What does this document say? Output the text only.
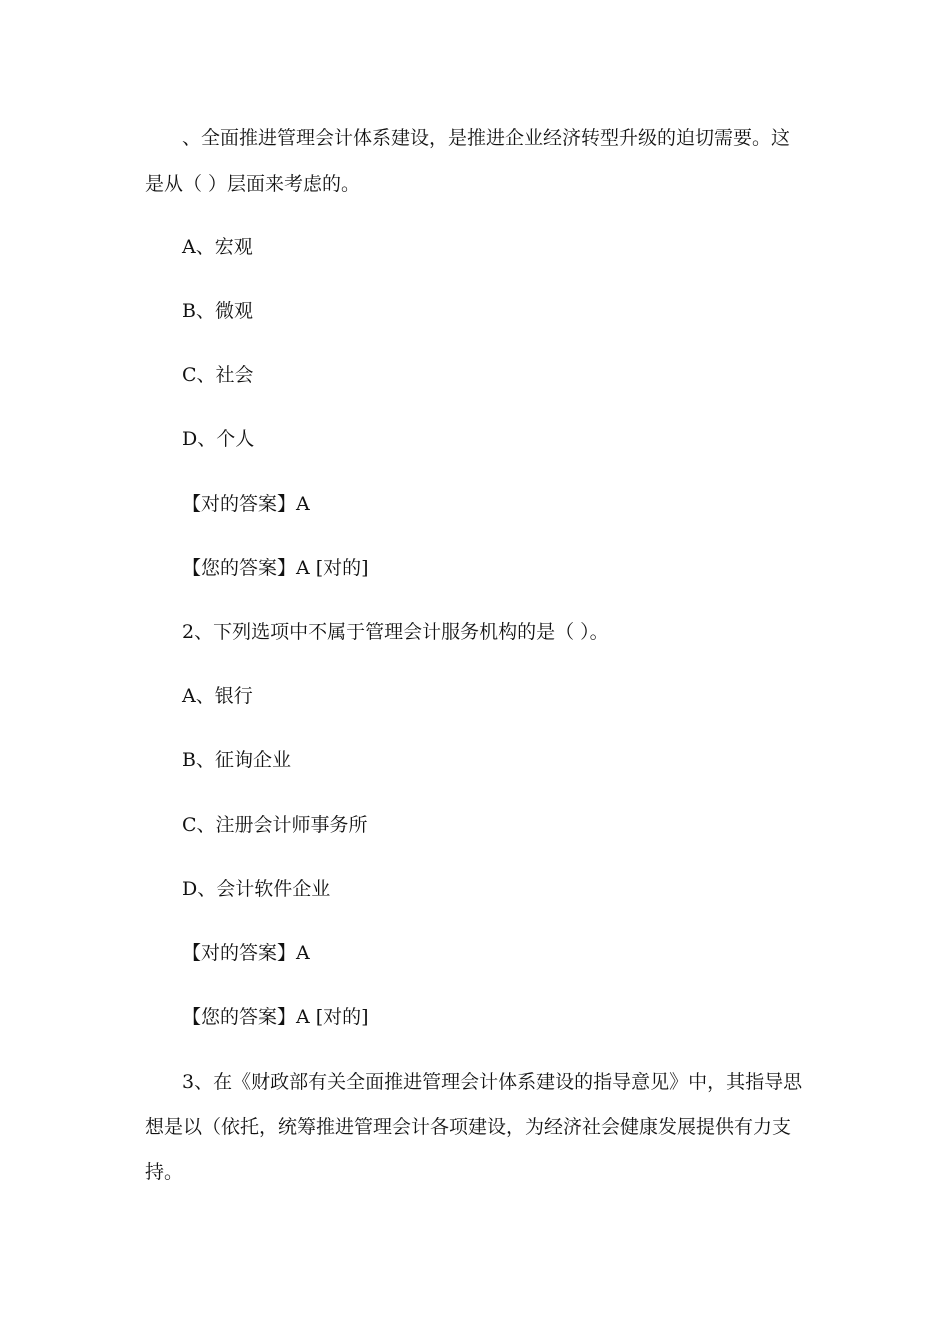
、全面推进管理会计体系建设，是推进企业经济转型升级的迫切需要。这
是从（ ）层面来考虑的。
A、宏观
B、微观
C、社会
D、个人
【对的答案】A
【您的答案】A [对的]
2、下列选项中不属于管理会计服务机构的是（ ）。
A、银行
B、征询企业
C、注册会计师事务所
D、会计软件企业
【对的答案】A
【您的答案】A [对的]
3、在《财政部有关全面推进管理会计体系建设的指导意见》中，其指导思
想是以（依托，统筹推进管理会计各项建设，为经济社会健康发展提供有力支
持。
